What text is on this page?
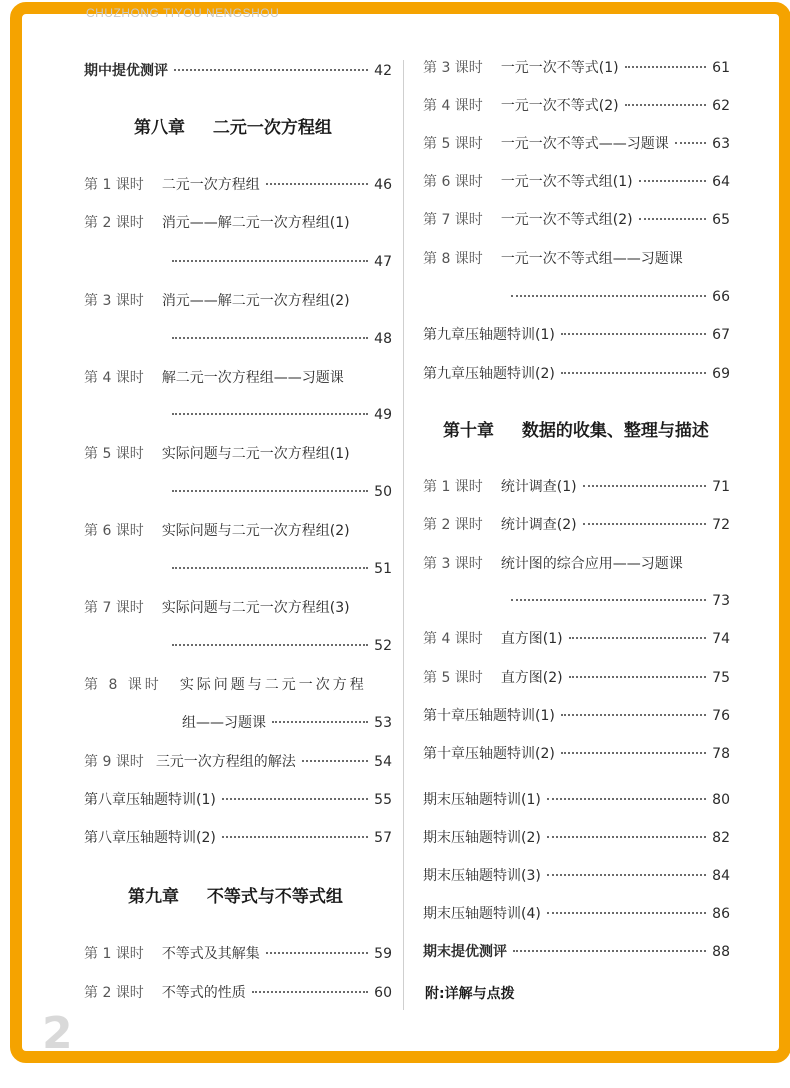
CHUZHONG TIYOU NENGSHOU
2
期中提优测评	42
第八章 二元一次方程组
第 1 课时 二元一次方程组	46
第 2 课时 消元——解二元一次方程组(1)
47
第 3 课时 消元——解二元一次方程组(2)
48
第 4 课时 解二元一次方程组——习题课
49
第 5 课时 实际问题与二元一次方程组(1)
50
第 6 课时 实际问题与二元一次方程组(2)
51
第 7 课时 实际问题与二元一次方程组(3)
52
第 8 课时 实际问题与二元一次方程
组——习题课	53
第 9 课时 三元一次方程组的解法	54
第八章压轴题特训(1)	55
第八章压轴题特训(2)	57
第九章 不等式与不等式组
第 1 课时 不等式及其解集	59
第 2 课时 不等式的性质	60
第 3 课时 一元一次不等式(1)	61
第 4 课时 一元一次不等式(2)	62
第 5 课时 一元一次不等式——习题课	63
第 6 课时 一元一次不等式组(1)	64
第 7 课时 一元一次不等式组(2)	65
第 8 课时 一元一次不等式组——习题课
66
第九章压轴题特训(1)	67
第九章压轴题特训(2)	69
第十章 数据的收集、整理与描述
第 1 课时 统计调查(1)	71
第 2 课时 统计调查(2)	72
第 3 课时 统计图的综合应用——习题课
73
第 4 课时 直方图(1)	74
第 5 课时 直方图(2)	75
第十章压轴题特训(1)	76
第十章压轴题特训(2)	78
期末压轴题特训(1)	80
期末压轴题特训(2)	82
期末压轴题特训(3)	84
期末压轴题特训(4)	86
期末提优测评	88
附:详解与点拨
